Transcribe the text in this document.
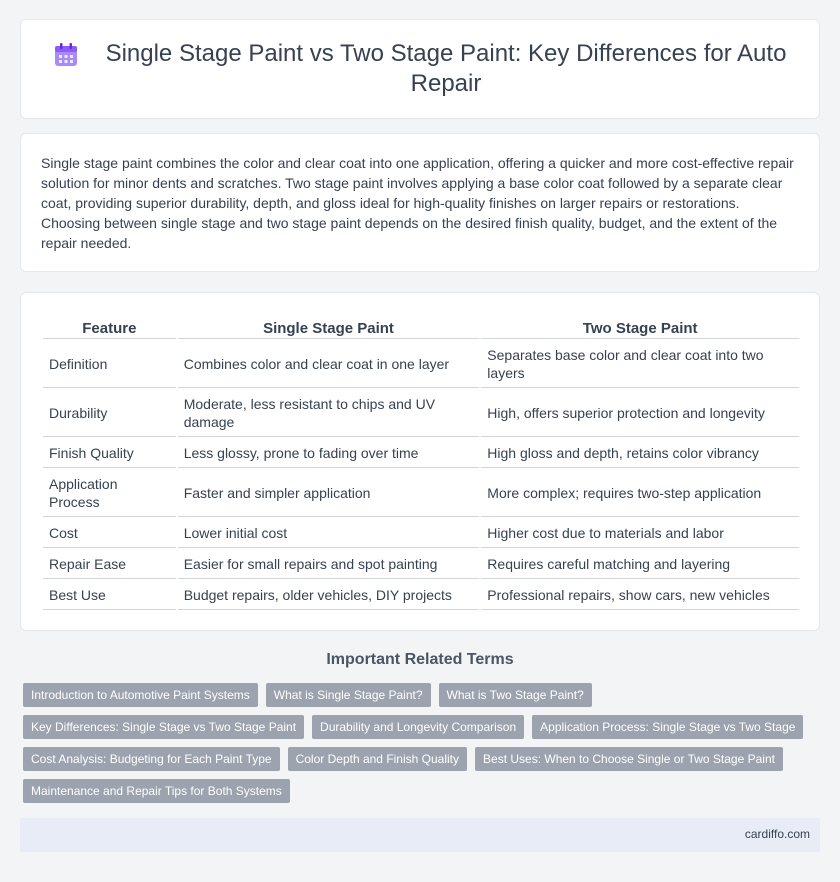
Single Stage Paint vs Two Stage Paint: Key Differences for Auto Repair

Single stage paint combines the color and clear coat into one application, offering a quicker and more cost-effective repair solution for minor dents and scratches. Two stage paint involves applying a base color coat followed by a separate clear coat, providing superior durability, depth, and gloss ideal for high-quality finishes on larger repairs or restorations. Choosing between single stage and two stage paint depends on the desired finish quality, budget, and the extent of the repair needed.

Feature	Single Stage Paint	Two Stage Paint
Definition	Combines color and clear coat in one layer	Separates base color and clear coat into two layers
Durability	Moderate, less resistant to chips and UV damage	High, offers superior protection and longevity
Finish Quality	Less glossy, prone to fading over time	High gloss and depth, retains color vibrancy
Application Process	Faster and simpler application	More complex; requires two-step application
Cost	Lower initial cost	Higher cost due to materials and labor
Repair Ease	Easier for small repairs and spot painting	Requires careful matching and layering
Best Use	Budget repairs, older vehicles, DIY projects	Professional repairs, show cars, new vehicles
Important Related Terms
Introduction to Automotive Paint Systems	What is Single Stage Paint?	What is Two Stage Paint?
Key Differences: Single Stage vs Two Stage Paint	Durability and Longevity Comparison	Application Process: Single Stage vs Two Stage
Cost Analysis: Budgeting for Each Paint Type	Color Depth and Finish Quality	Best Uses: When to Choose Single or Two Stage Paint
Maintenance and Repair Tips for Both Systems
cardiffo.com
